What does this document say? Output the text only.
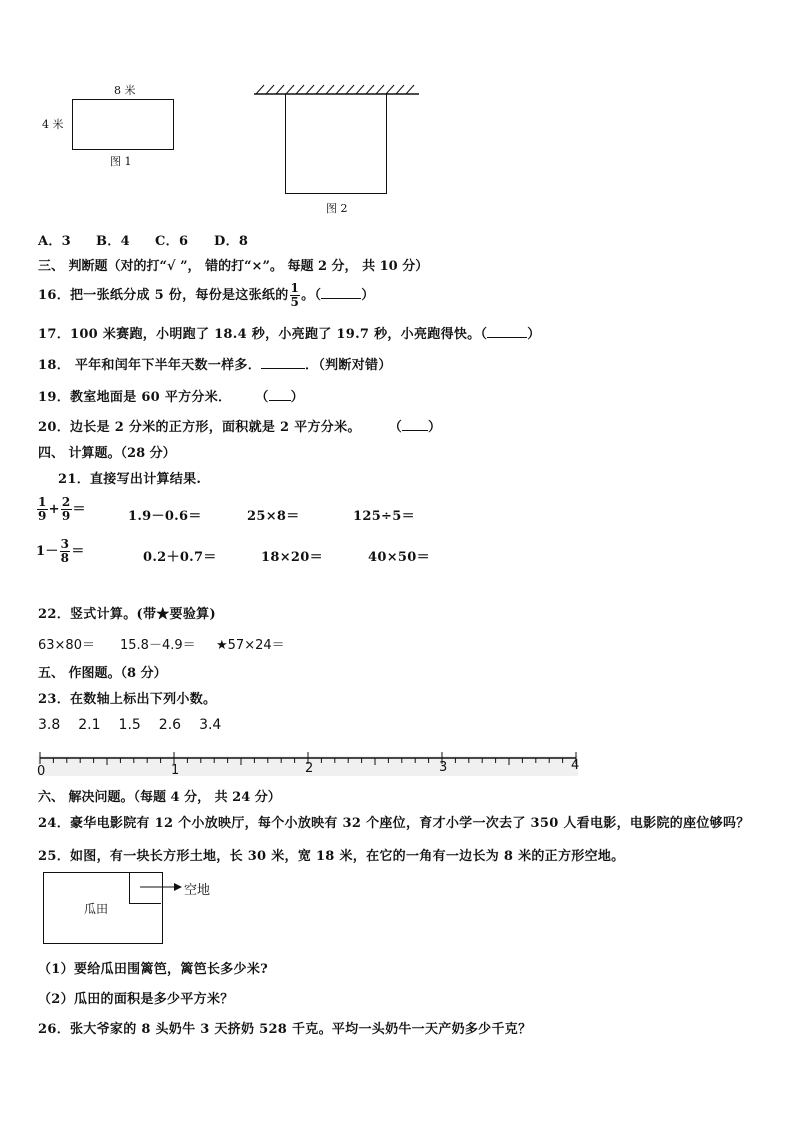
8 米
4 米
图 1
图 2
A．3 B．4 C．6 D．8
三、 判断题（对的打“√ ”， 错的打“×”。 每题 2 分， 共 10 分）
16．把一张纸分成 5 份，每份是这张纸的 $\frac{1}{5}$ 。（	）
17．100 米赛跑，小明跑了 18.4 秒，小亮跑了 19.7 秒，小亮跑得快。（	）
18． 平年和闰年下半年天数一样多．	．（判断对错）
19．教室地面是 60 平方分米． （ ）
20．边长是 2 分米的正方形，面积就是 2 平方分米。 （ ）
四、 计算题。（28 分）
21．直接写出计算结果.
$\frac{1}{9} + \frac{2}{9}$ ＝	1.9－0.6＝	25×8＝	125÷5＝
$1- \frac{3}{8}$ ＝	0.2＋0.7＝	18×20＝	40×50＝
22．竖式计算。(带★要验算)
63×80＝ 15.8－4.9＝ ★57×24＝
五、 作图题。（8 分）
23．在数轴上标出下列小数。
3.8 2.1 1.5 2.6 3.4
0	1	2	3	4
六、 解决问题。（每题 4 分， 共 24 分）
24．豪华电影院有 12 个小放映厅，每个小放映有 32 个座位，育才小学一次去了 350 人看电影，电影院的座位够吗？
25．如图，有一块长方形土地，长 30 米，宽 18 米，在它的一角有一边长为 8 米的正方形空地。
瓜田
空地
（1）要给瓜田围篱笆，篱笆长多少米?
（2）瓜田的面积是多少平方米？
26．张大爷家的 8 头奶牛 3 天挤奶 528 千克。平均一头奶牛一天产奶多少千克？
